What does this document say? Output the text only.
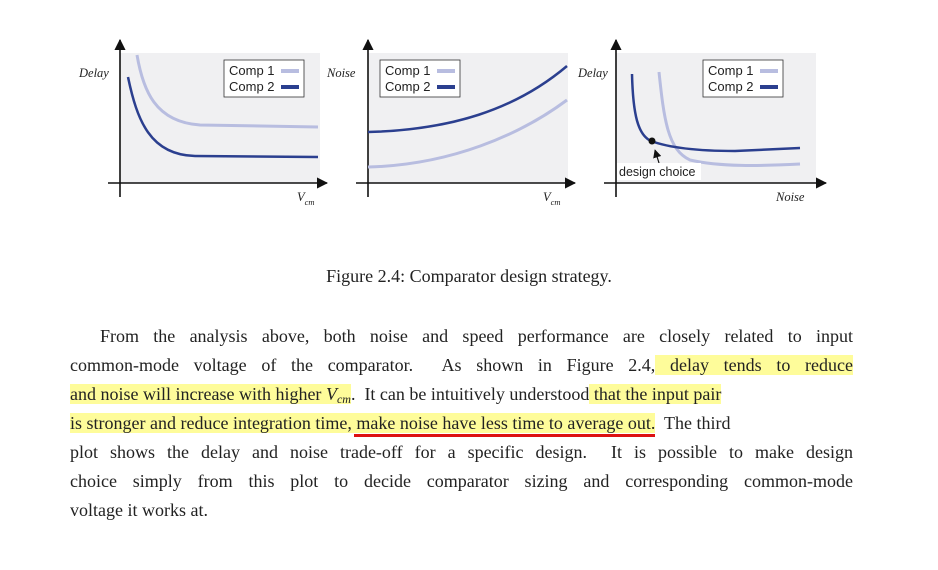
Delay
$V_{cm}$
Comp 1
Comp 2
Noise
$V_{cm}$
Comp 1
Comp 2
design choice
Delay
Noise
Comp 1
Comp 2
Figure 2.4: Comparator design strategy.
From the analysis above, both noise and speed performance are closely related to input
common-mode voltage of the comparator.  As shown in Figure 2.4, delay tends to reduce
and noise will increase with higher $V_{cm}$.  It can be intuitively understood that the input pair
is stronger and reduce integration time, make noise have less time to average out.  The third
plot shows the delay and noise trade-off for a specific design.  It is possible to make design
choice simply from this plot to decide comparator sizing and corresponding common-mode
voltage it works at.
